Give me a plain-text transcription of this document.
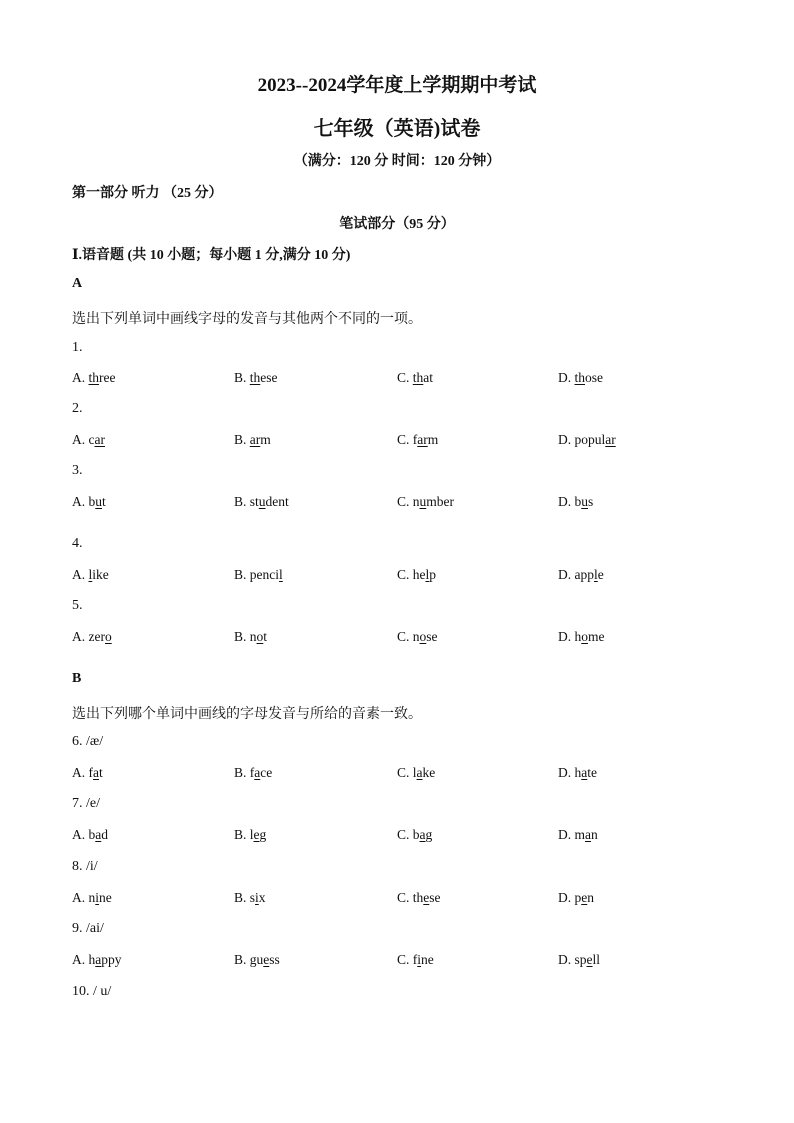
2023--2024学年度上学期期中考试
七年级（英语)试卷
（满分：120 分 时间：120 分钟）
第一部分 听力 （25 分）
笔试部分（95 分）
Ⅰ.语音题 (共 10 小题；每小题 1 分,满分 10 分)
A
选出下列单词中画线字母的发音与其他两个不同的一项。
1.
A. three	B. these	C. that	D. those
2.
A. car	B. arm	C. farm	D. popular
3.
A. but	B. student	C. number	D. bus
4.
A. like	B. pencil	C. help	D. apple
5.
A. zero	B. not	C. nose	D. home
B
选出下列哪个单词中画线的字母发音与所给的音素一致。
6. /æ/
A. fat	B. face	C. lake	D. hate
7. /e/
A. bad	B. leg	C. bag	D. man
8. /i/
A. nine	B. six	C. these	D. pen
9. /ai/
A. happy	B. guess	C. fine	D. spell
10. / u/
